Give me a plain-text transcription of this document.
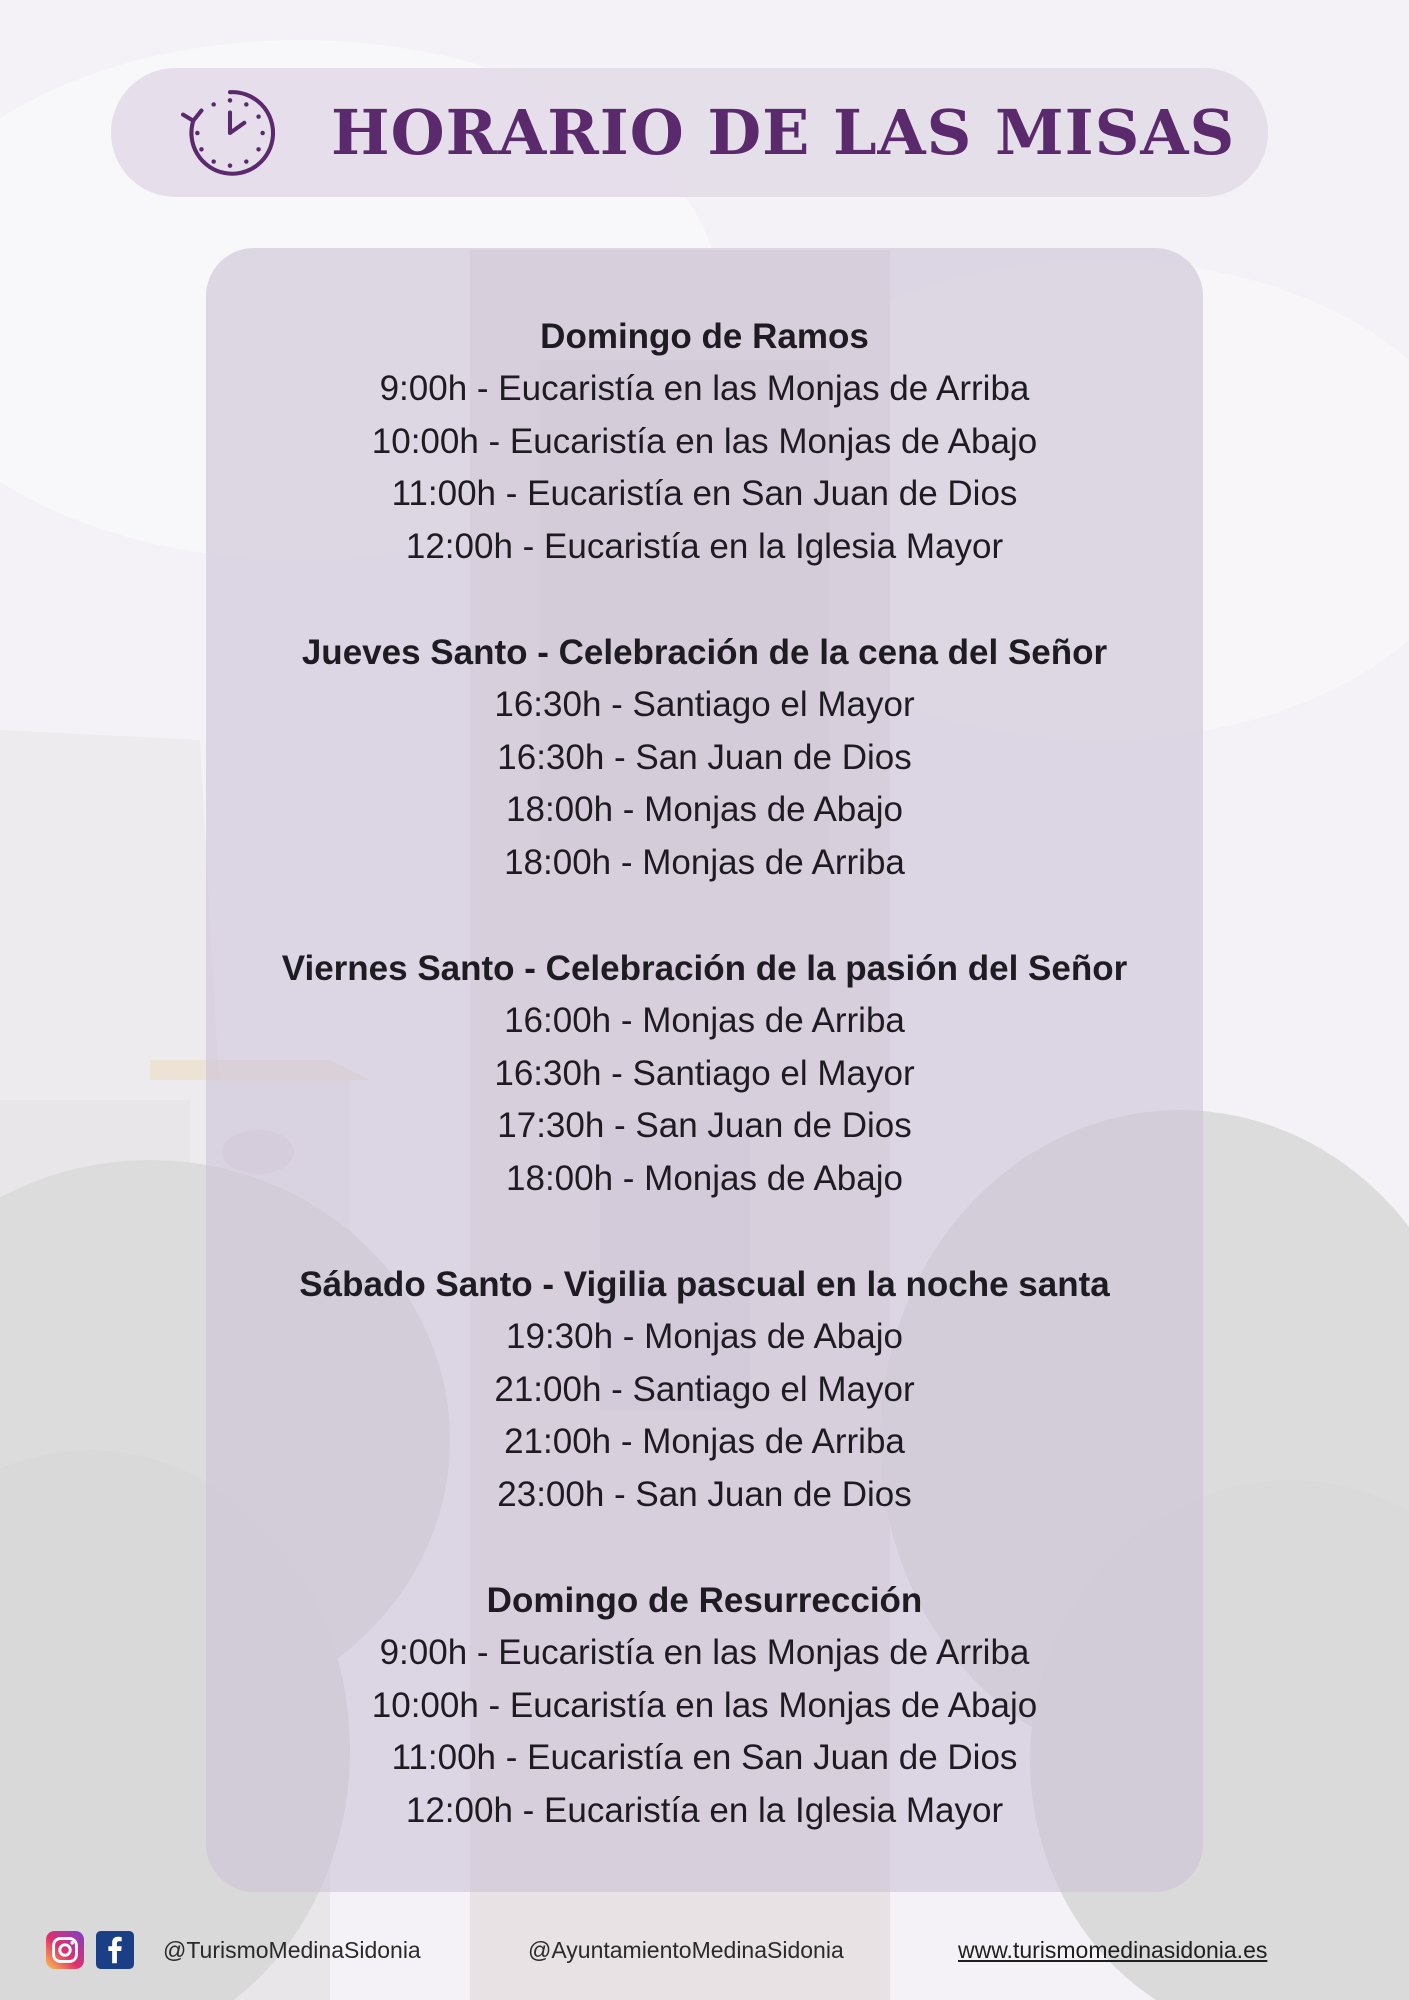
HORARIO DE LAS MISAS
Domingo de Ramos
9:00h - Eucaristía en las Monjas de Arriba
10:00h - Eucaristía en las Monjas de Abajo
11:00h - Eucaristía en San Juan de Dios
12:00h - Eucaristía en la Iglesia Mayor
Jueves Santo - Celebración de la cena del Señor
16:30h - Santiago el Mayor
16:30h - San Juan de Dios
18:00h - Monjas de Abajo
18:00h - Monjas de Arriba
Viernes Santo - Celebración de la pasión del Señor
16:00h - Monjas de Arriba
16:30h - Santiago el Mayor
17:30h - San Juan de Dios
18:00h - Monjas de Abajo
Sábado Santo - Vigilia pascual en la noche santa
19:30h - Monjas de Abajo
21:00h - Santiago el Mayor
21:00h - Monjas de Arriba
23:00h - San Juan de Dios
Domingo de Resurrección
9:00h - Eucaristía en las Monjas de Arriba
10:00h - Eucaristía en las Monjas de Abajo
11:00h - Eucaristía en San Juan de Dios
12:00h - Eucaristía en la Iglesia Mayor
@TurismoMedinaSidonia	@AyuntamientoMedinaSidonia	www.turismomedinasidonia.es
